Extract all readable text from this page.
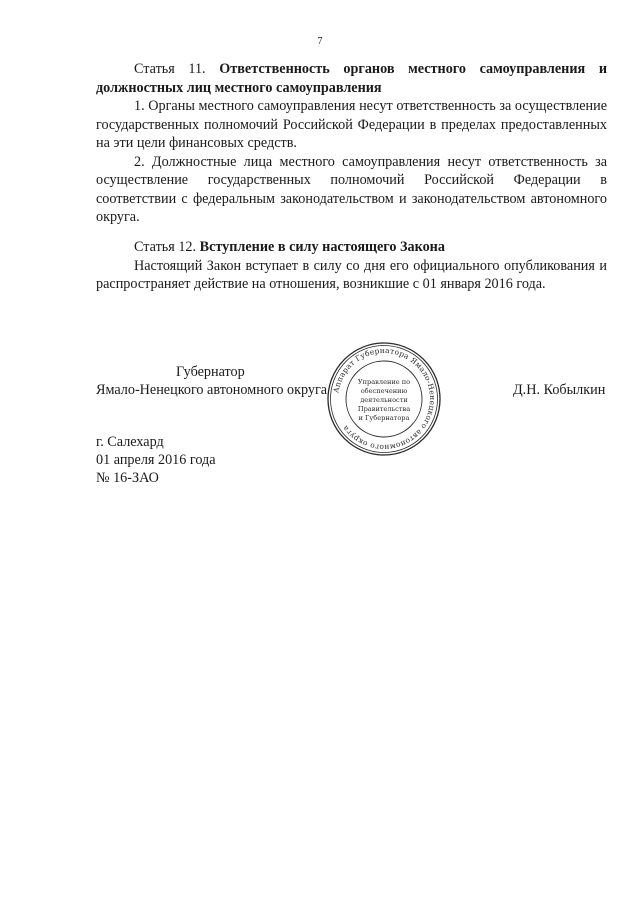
7

Статья 11. Ответственность органов местного самоуправления и должностных лиц местного самоуправления

1. Органы местного самоуправления несут ответственность за осуществление государственных полномочий Российской Федерации в пределах предоставленных на эти цели финансовых средств.

2. Должностные лица местного самоуправления несут ответственность за осуществление государственных полномочий Российской Федерации в соответствии с федеральным законодательством и законодательством автономного округа.

Статья 12. Вступление в силу настоящего Закона

Настоящий Закон вступает в силу со дня его официального опубликования и распространяет действие на отношения, возникшие с 01 января 2016 года.

Губернатор
Ямало-Ненецкого автономного округа	Д.Н. Кобылкин
Аппарат Губернатора Ямало-Ненецкого автономного округа
Управление по
обеспечению
деятельности
Правительства
и Губернатора
г. Салехард
01 апреля 2016 года
№ 16-ЗАО
